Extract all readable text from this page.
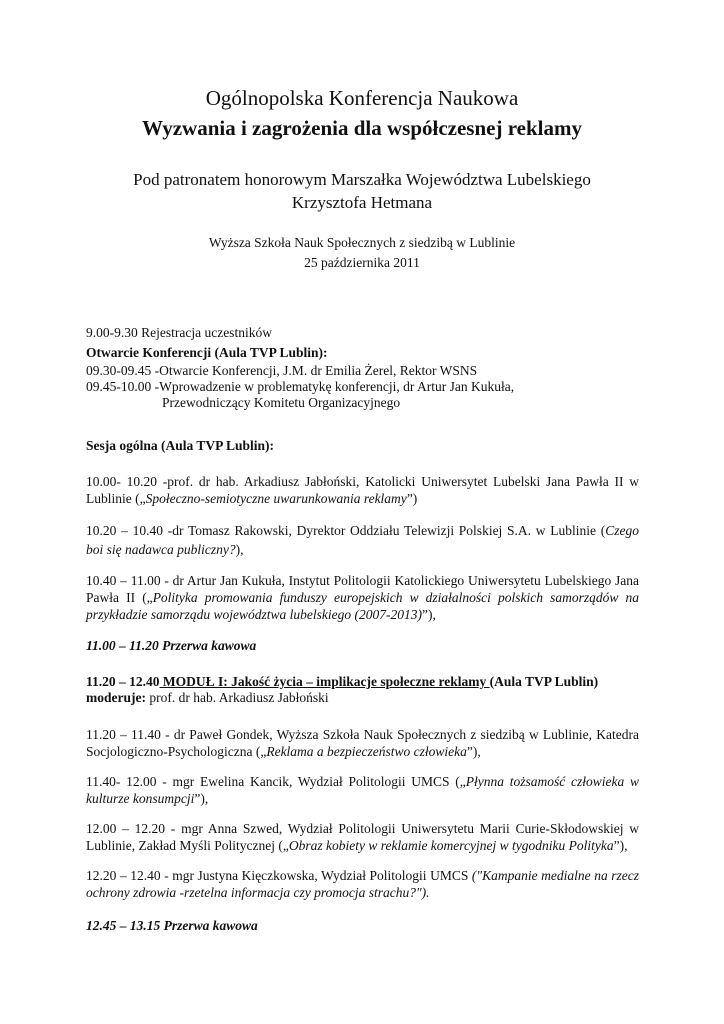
Ogólnopolska Konferencja Naukowa

Wyzwania i zagrożenia dla współczesnej reklamy

Pod patronatem honorowym Marszałka Województwa Lubelskiego

Krzysztofa Hetmana

Wyższa Szkoła Nauk Społecznych z siedzibą w Lublinie

25 października 2011

9.00-9.30 Rejestracja uczestników

Otwarcie Konferencji (Aula TVP Lublin):

09.30-09.45 -Otwarcie Konferencji, J.M. dr Emilia Żerel, Rektor WSNS

09.45-10.00 -Wprowadzenie w problematykę konferencji, dr Artur Jan Kukuła,

Przewodniczący Komitetu Organizacyjnego

Sesja ogólna (Aula TVP Lublin):

10.00- 10.20 -prof. dr hab. Arkadiusz Jabłoński, Katolicki Uniwersytet Lubelski Jana Pawła II w Lublinie („Społeczno-semiotyczne uwarunkowania reklamy”)

10.20 – 10.40 -dr Tomasz Rakowski, Dyrektor Oddziału Telewizji Polskiej S.A. w Lublinie (Czego boi się nadawca publiczny?),

10.40 – 11.00 - dr Artur Jan Kukuła, Instytut Politologii Katolickiego Uniwersytetu Lubelskiego Jana Pawła II („Polityka promowania funduszy europejskich w działalności polskich samorządów na przykładzie samorządu województwa lubelskiego (2007-2013)”),

11.00 – 11.20 Przerwa kawowa

11.20 – 12.40 MODUŁ I: Jakość życia – implikacje społeczne reklamy (Aula TVP Lublin)

moderuje: prof. dr hab. Arkadiusz Jabłoński

11.20 – 11.40 - dr Paweł Gondek, Wyższa Szkoła Nauk Społecznych z siedzibą w Lublinie, Katedra Socjologiczno-Psychologiczna („Reklama a bezpieczeństwo człowieka”),

11.40- 12.00 - mgr Ewelina Kancik, Wydział Politologii UMCS („Płynna tożsamość człowieka w kulturze konsumpcji”),

12.00 – 12.20 - mgr Anna Szwed, Wydział Politologii Uniwersytetu Marii Curie-Skłodowskiej w Lublinie, Zakład Myśli Politycznej („Obraz kobiety w reklamie komercyjnej w tygodniku Polityka”),

12.20 – 12.40 - mgr Justyna Kięczkowska, Wydział Politologii UMCS ("Kampanie medialne na rzecz ochrony zdrowia -rzetelna informacja czy promocja strachu?").

12.45 – 13.15 Przerwa kawowa
